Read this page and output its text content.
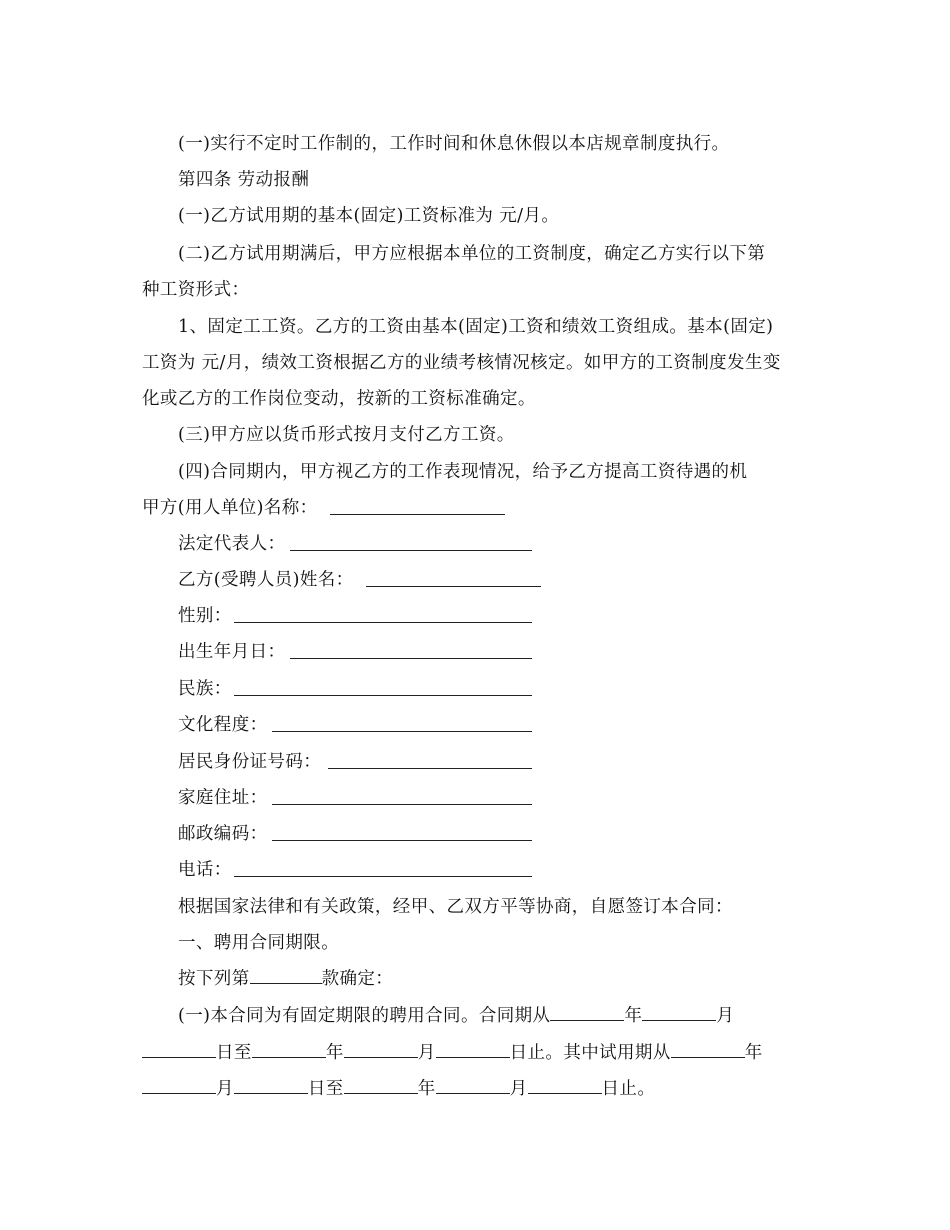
(一)实行不定时工作制的，工作时间和休息休假以本店规章制度执行。
第四条 劳动报酬
(一)乙方试用期的基本(固定)工资标准为 元/月。
(二)乙方试用期满后，甲方应根据本单位的工资制度，确定乙方实行以下第
种工资形式：
1、固定工工资。乙方的工资由基本(固定)工资和绩效工资组成。基本(固定)
工资为 元/月，绩效工资根据乙方的业绩考核情况核定。如甲方的工资制度发生变
化或乙方的工作岗位变动，按新的工资标准确定。
(三)甲方应以货币形式按月支付乙方工资。
(四)合同期内，甲方视乙方的工作表现情况，给予乙方提高工资待遇的机
甲方(用人单位)名称：
法定代表人：
乙方(受聘人员)姓名：
性别：
出生年月日：
民族：
文化程度：
居民身份证号码：
家庭住址：
邮政编码：
电话：
根据国家法律和有关政策，经甲、乙双方平等协商，自愿签订本合同：
一、聘用合同期限。
按下列第	款确定：
(一)本合同为有固定期限的聘用合同。合同期从	年	月
日至	年	月	日止。其中试用期从	年
月	日至	年	月	日止。
